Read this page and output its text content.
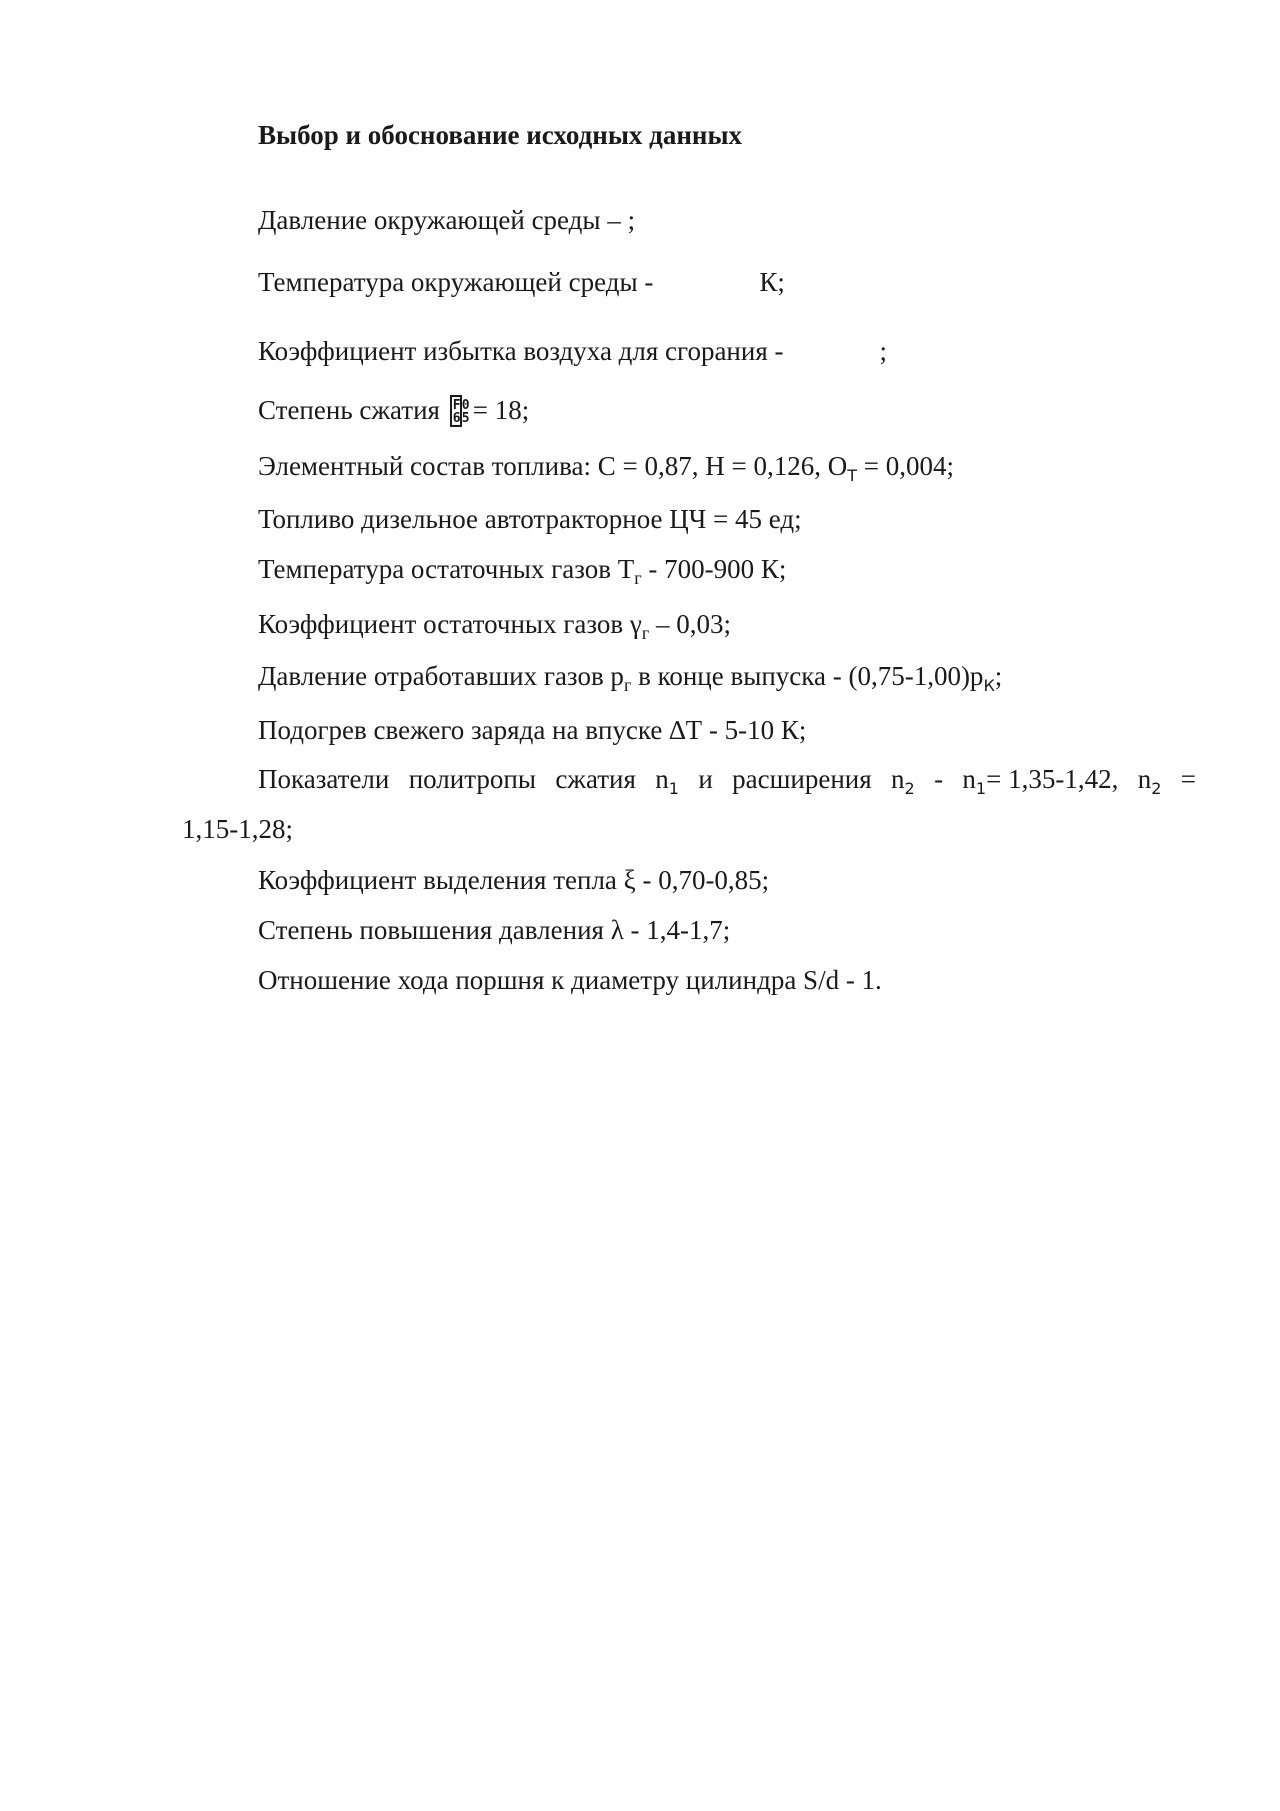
Выбор и обоснование исходных данных
Давление окружающей среды – ;
Температура окружающей среды -	К;
Коэффициент избытка воздуха для сгорания -	;
Степень сжатия F 0
6 5 = 18;
Элементный состав топлива: С = 0,87, Н = 0,126, $О_Т = 0,004$;
Топливо дизельное автотракторное ЦЧ = 45 ед;
Температура остаточных газов $Т_г - 700-900$ К;
Коэффициент остаточных газов $\gamma_г - 0,03$;
Давление отработавших газов $р_г$ в конце выпуска - $(0,75-1,00)р_К$;
Подогрев свежего заряда на впуске ∆Т - 5-10 К;
Показатели политропы сжатия $n_1$ и расширения $n_2 - n_1= 1,35-1,42$, $n_2$ =
1,15-1,28;
Коэффициент выделения тепла ξ - 0,70-0,85;
Степень повышения давления λ - 1,4-1,7;
Отношение хода поршня к диаметру цилиндра S/d - 1.
